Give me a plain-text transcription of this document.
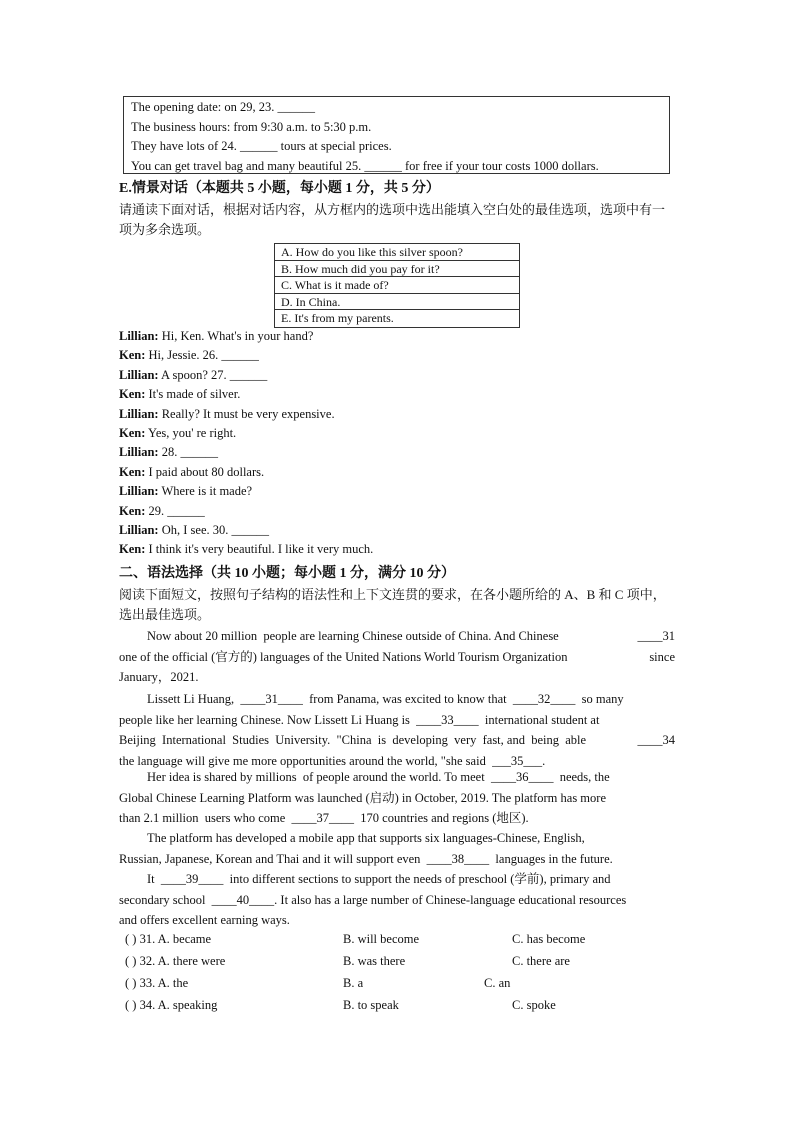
The opening date: on 29, 23. ______
The business hours: from 9:30 a.m. to 5:30 p.m.
They have lots of 24. ______ tours at special prices.
You can get travel bag and many beautiful 25. ______ for free if your tour costs 1000 dollars.
E.情景对话（本题共 5 小题，每小题 1 分，共 5 分）
请通读下面对话，根据对话内容，从方框内的选项中选出能填入空白处的最佳选项，选项中有一项为多余选项。
A. How do you like this silver spoon?
B. How much did you pay for it?
C. What is it made of?
D. In China.
E. It's from my parents.
Lillian: Hi, Ken. What's in your hand?
Ken: Hi, Jessie. 26. ______
Lillian: A spoon? 27. ______
Ken: It's made of silver.
Lillian: Really? It must be very expensive.
Ken: Yes, you' re right.
Lillian: 28. ______
Ken: I paid about 80 dollars.
Lillian: Where is it made?
Ken: 29. ______
Lillian: Oh, I see. 30. ______
Ken: I think it's very beautiful. I like it very much.
二、语法选择（共 10 小题；每小题 1 分，满分 10 分）
阅读下面短文，按照句子结构的语法性和上下文连贯的要求，在各小题所给的 A、B 和 C 项中，选出最佳选项。
Now about 20 million  people are learning Chinese outside of China. And Chinese	____31
one of the official (官方的) languages of the United Nations World Tourism Organization	since
January，2021.
Lissett Li Huang,  ____31____  from Panama, was excited to know that  ____32____  so many
people like her learning Chinese. Now Lissett Li Huang is  ____33____  international student at
Beijing  International  Studies  University.  "China  is  developing  very  fast, and  being  able	____34
the language will give me more opportunities around the world, "she said  ___35___.
Her idea is shared by millions  of people around the world. To meet  ____36____  needs, the
Global Chinese Learning Platform was launched (启动) in October, 2019. The platform has more
than 2.1 million  users who come  ____37____  170 countries and regions (地区).
The platform has developed a mobile app that supports six languages-Chinese, English,
Russian, Japanese, Korean and Thai and it will support even  ____38____  languages in the future.
It  ____39____  into different sections to support the needs of preschool (学前), primary and
secondary school  ____40____. It also has a large number of Chinese-language educational resources
and offers excellent earning ways.
( ) 31. A. became	B. will become	C. has become
( ) 32. A. there were	B. was there	C. there are
( ) 33. A. the	B. a	C. an
( ) 34. A. speaking	B. to speak	C. spoke
